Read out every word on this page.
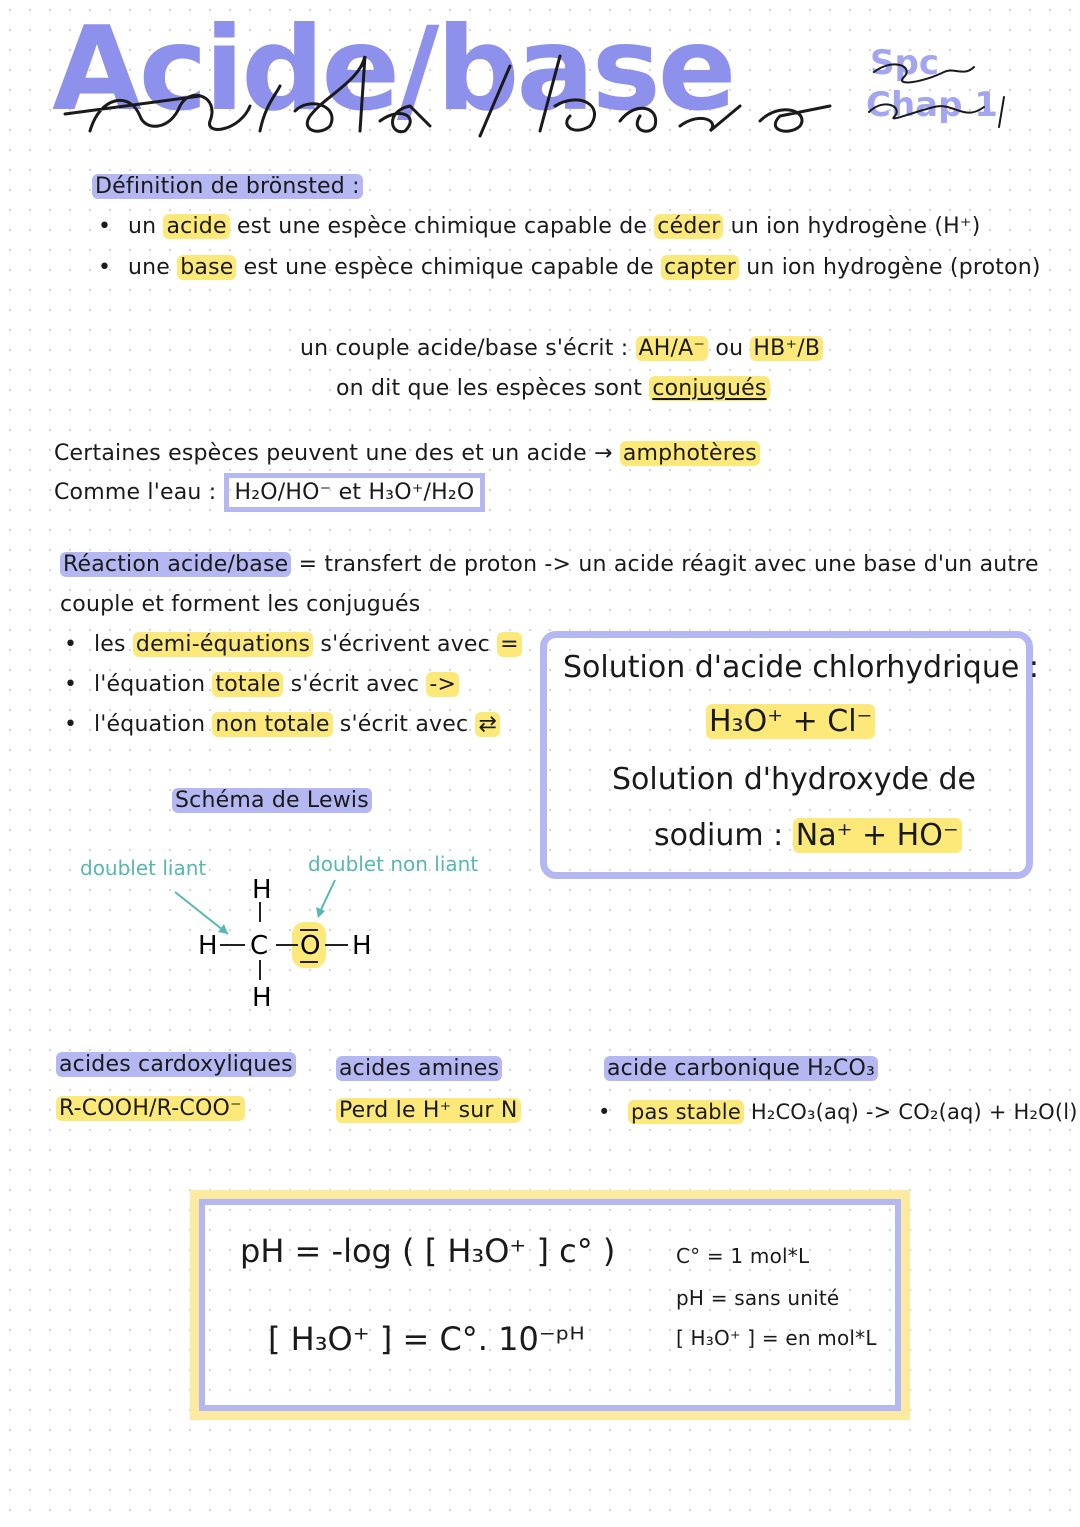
Acide/base	Spc
Chap 1
Définition de brönsted :
un acide est une espèce chimique capable de céder un ion hydrogène (H⁺)
une base est une espèce chimique capable de capter un ion hydrogène (proton)
un couple acide/base s'écrit : AH/A⁻ ou HB⁺/B
on dit que les espèces sont conjugués
Certaines espèces peuvent une des et un acide → amphotères
Comme l'eau : H₂O/HO⁻ et H₃O⁺/H₂O
Réaction acide/base = transfert de proton -> un acide réagit avec une base d'un autre
couple et forment les conjugués
les demi-équations s'écrivent avec =
l'équation totale s'écrit avec ->
l'équation non totale s'écrit avec ⇄
Solution d'acide chlorhydrique :
H₃O⁺ + Cl⁻
Solution d'hydroxyde de
sodium : Na⁺ + HO⁻
Schéma de Lewis
doublet liant	doublet non liant
H
H C O H
H
acides cardoxyliques
R-COOH/R-COO⁻
acides amines
Perd le H⁺ sur N
acide carbonique H₂CO₃
pas stable H₂CO₃(aq) -> CO₂(aq) + H₂O(l)
pH = -log ( [ H₃O⁺ ] c° )
[ H₃O⁺ ] = C°. 10⁻ᵖᴴ
C° = 1 mol*L
pH = sans unité
[ H₃O⁺ ] = en mol*L
